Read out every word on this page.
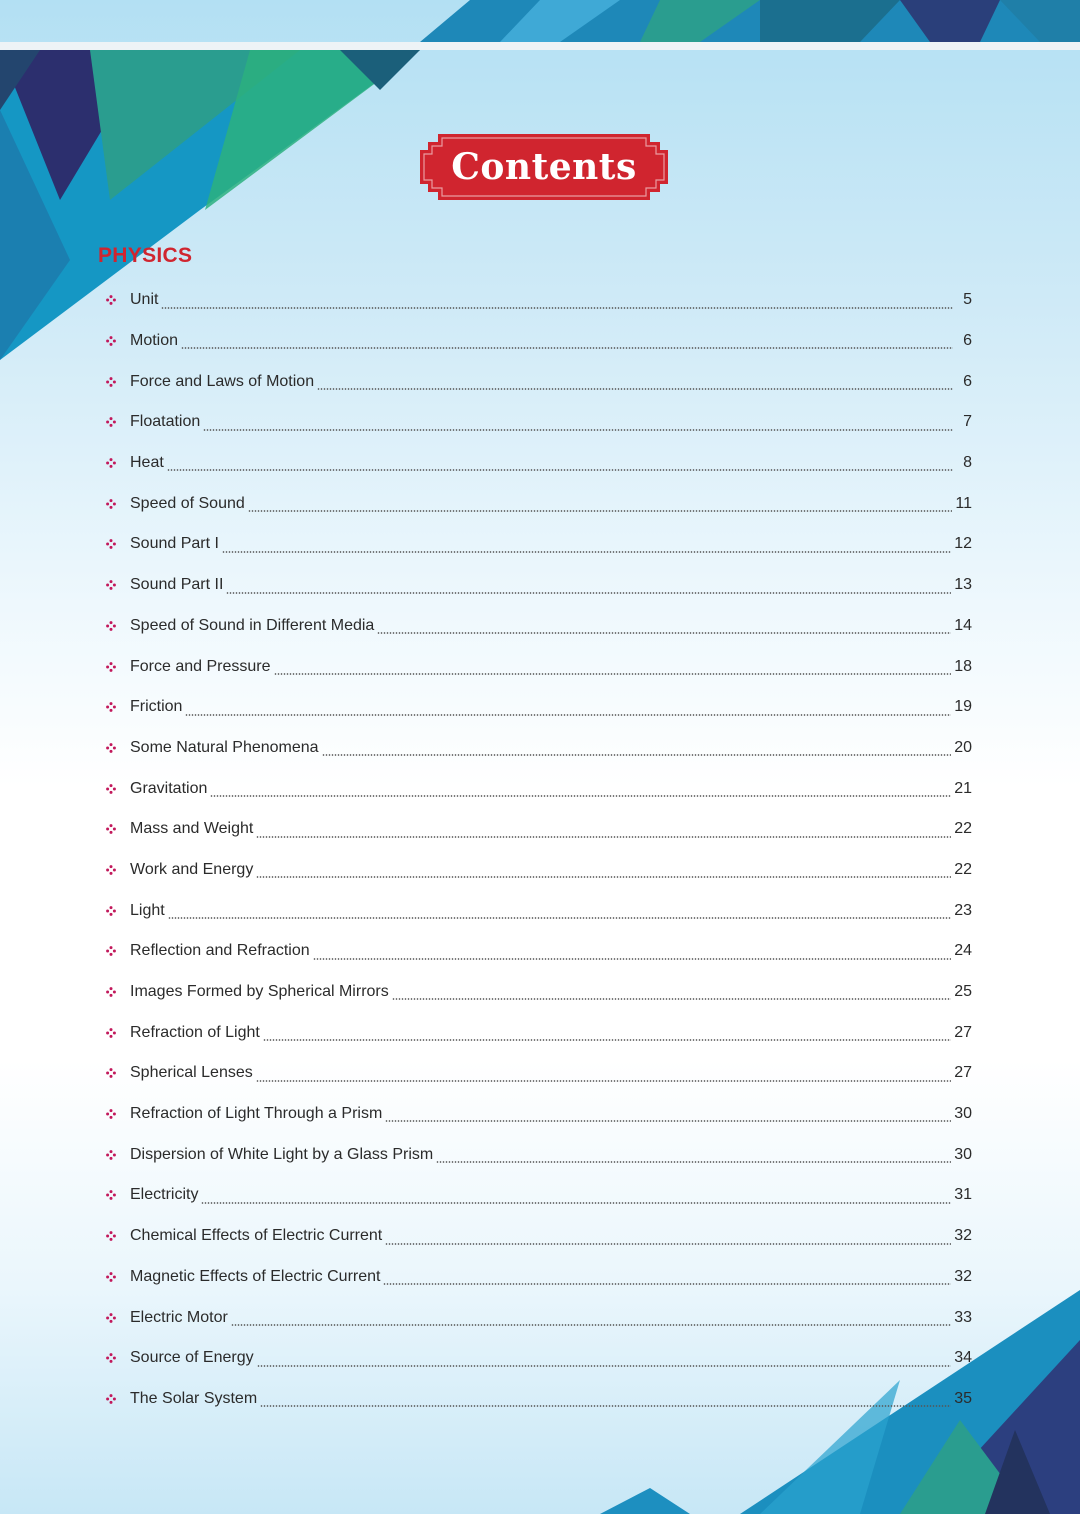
Contents
PHYSICS
Unit	5
Motion	6
Force and Laws of Motion	6
Floatation	7
Heat	8
Speed of Sound	11
Sound Part I	12
Sound Part II	13
Speed of Sound in Different Media	14
Force and Pressure	18
Friction	19
Some Natural Phenomena	20
Gravitation	21
Mass and Weight	22
Work and Energy	22
Light	23
Reflection and Refraction	24
Images Formed by Spherical Mirrors	25
Refraction of Light	27
Spherical Lenses	27
Refraction of Light Through a Prism	30
Dispersion of White Light by a Glass Prism	30
Electricity	31
Chemical Effects of Electric Current	32
Magnetic Effects of Electric Current	32
Electric Motor	33
Source of Energy	34
The Solar System	35
